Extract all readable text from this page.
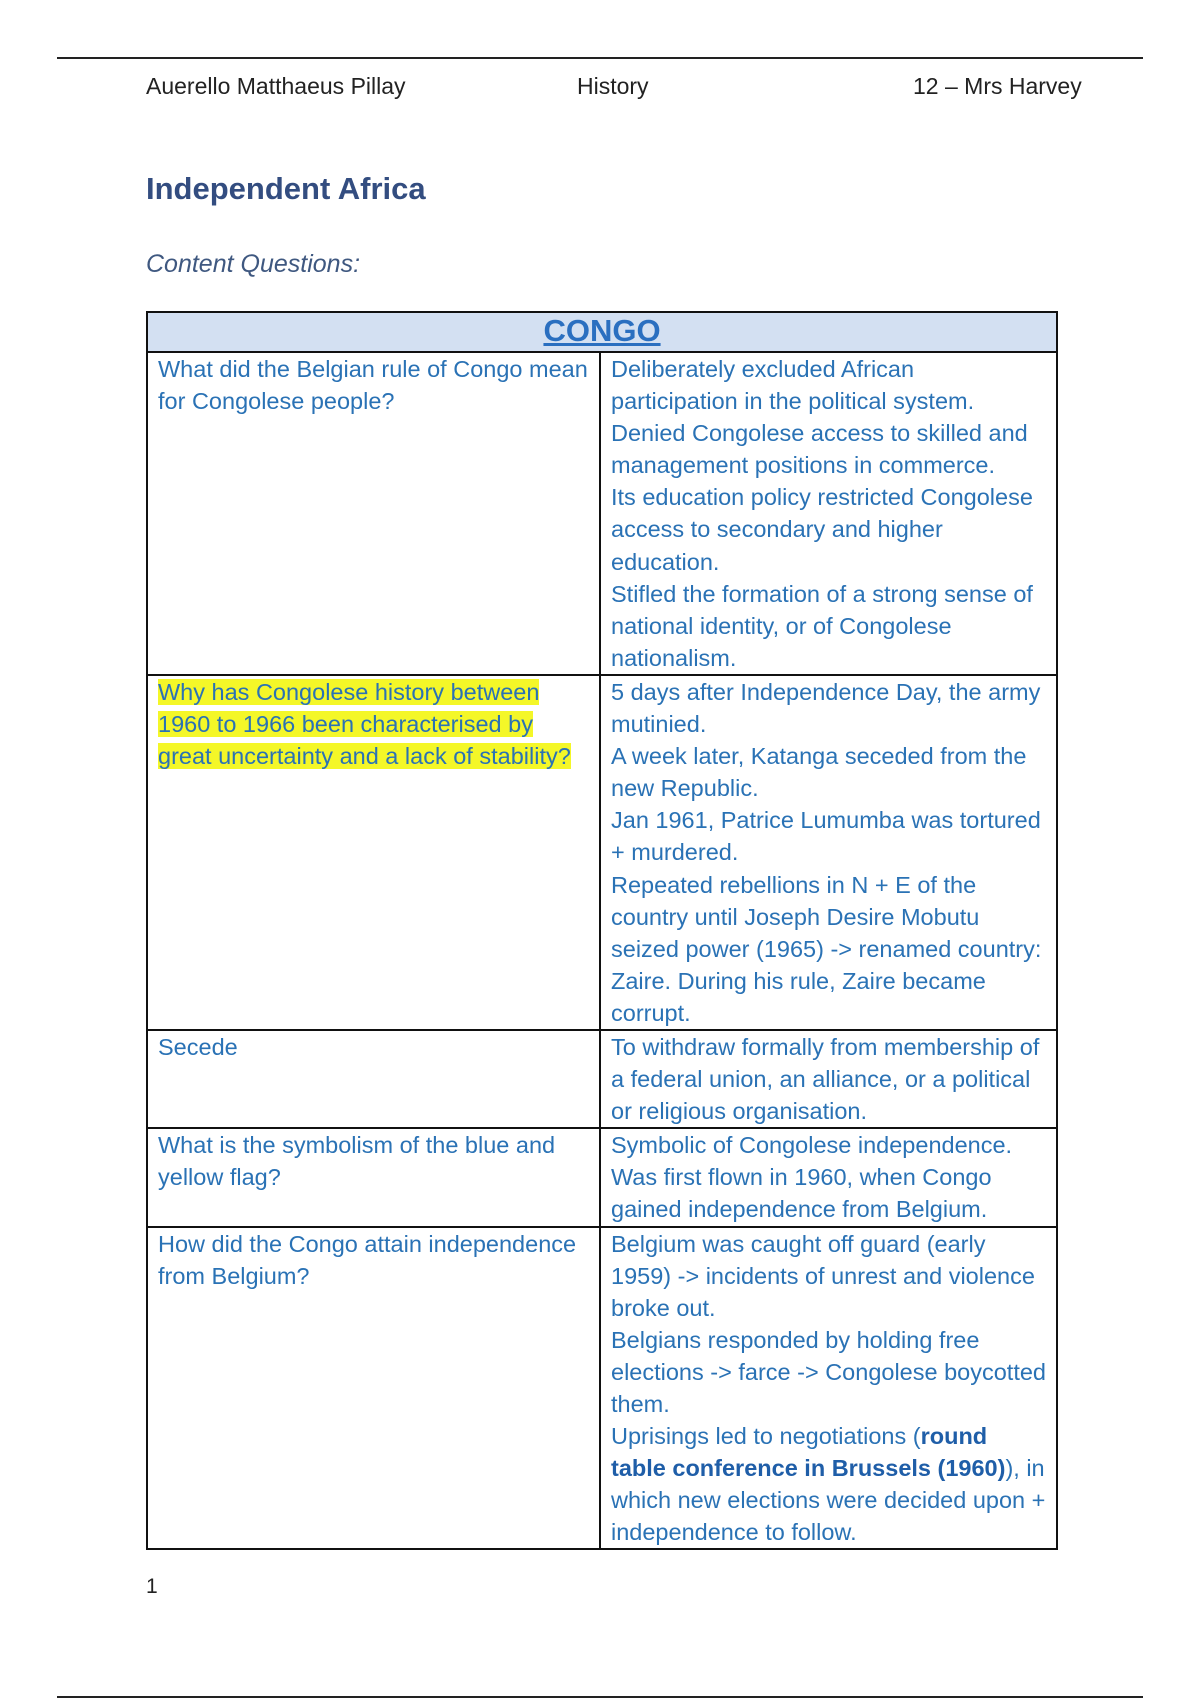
Auerello Matthaeus Pillay	History	12 – Mrs Harvey
Independent Africa
Content Questions:
CONGO	
What did the Belgian rule of Congo mean for Congolese people?	Deliberately excluded African participation in the political system.
Denied Congolese access to skilled and management positions in commerce.
Its education policy restricted Congolese access to secondary and higher education.
Stifled the formation of a strong sense of national identity, or of Congolese nationalism.

Why has Congolese history between 1960 to 1966 been characterised by great uncertainty and a lack of stability?	5 days after Independence Day, the army mutinied.
A week later, Katanga seceded from the new Republic.
Jan 1961, Patrice Lumumba was tortured + murdered.
Repeated rebellions in N + E of the country until Joseph Desire Mobutu seized power (1965) -> renamed country: Zaire. During his rule, Zaire became corrupt.

Secede	To withdraw formally from membership of a federal union, an alliance, or a political or religious organisation.

What is the symbolism of the blue and yellow flag?	Symbolic of Congolese independence. Was first flown in 1960, when Congo gained independence from Belgium.

How did the Congo attain independence from Belgium?	Belgium was caught off guard (early 1959) -> incidents of unrest and violence broke out.
Belgians responded by holding free elections -> farce -> Congolese boycotted them.
Uprisings led to negotiations (round table conference in Brussels (1960)), in which new elections were decided upon + independence to follow.
1
